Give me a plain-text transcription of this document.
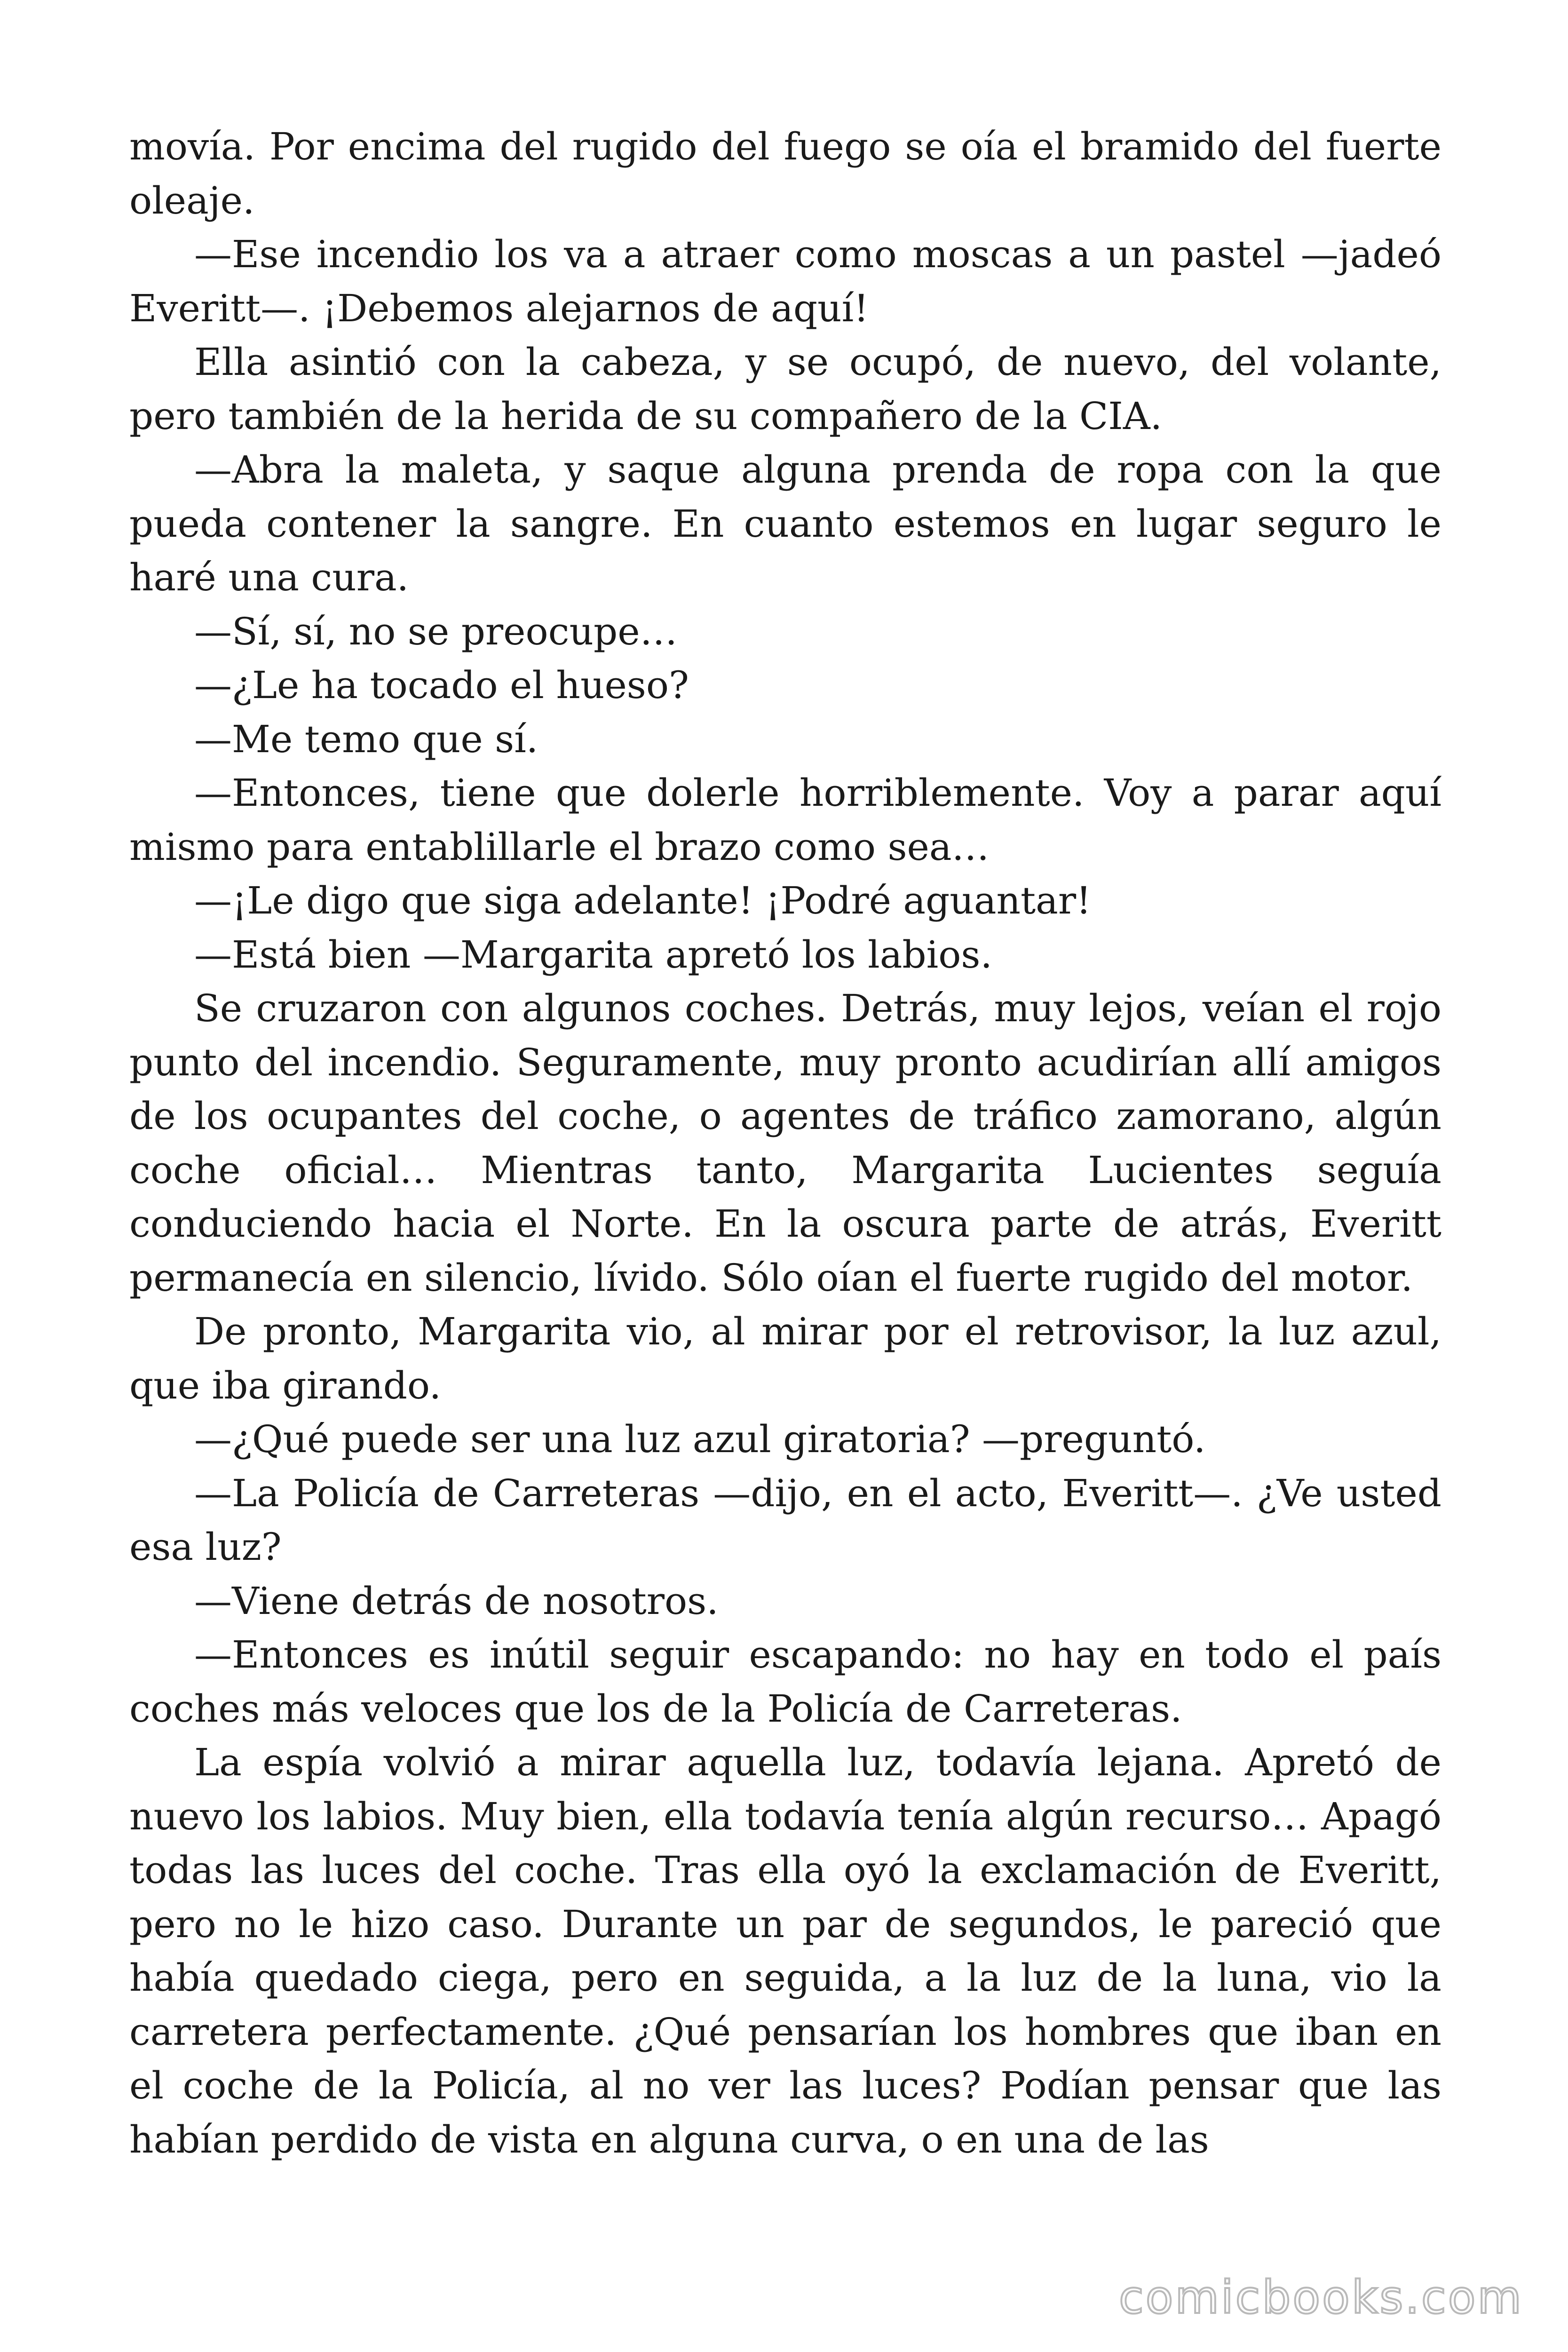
movía. Por encima del rugido del fuego se oía el bramido del fuerte oleaje.

—Ese incendio los va a atraer como moscas a un pastel —jadeó Everitt—. ¡Debemos alejarnos de aquí!

Ella asintió con la cabeza, y se ocupó, de nuevo, del volante, pero también de la herida de su compañero de la CIA.

—Abra la maleta, y saque alguna prenda de ropa con la que pueda contener la sangre. En cuanto estemos en lugar seguro le haré una cura.

—Sí, sí, no se preocupe…

—¿Le ha tocado el hueso?

—Me temo que sí.

—Entonces, tiene que dolerle horriblemente. Voy a parar aquí mismo para entablillarle el brazo como sea…

—¡Le digo que siga adelante! ¡Podré aguantar!

—Está bien —Margarita apretó los labios.

Se cruzaron con algunos coches. Detrás, muy lejos, veían el rojo punto del incendio. Seguramente, muy pronto acudirían allí amigos de los ocupantes del coche, o agentes de tráfico zamorano, algún coche oficial… Mientras tanto, Margarita Lucientes seguía conduciendo hacia el Norte. En la oscura parte de atrás, Everitt permanecía en silencio, lívido. Sólo oían el fuerte rugido del motor.

De pronto, Margarita vio, al mirar por el retrovisor, la luz azul, que iba girando.

—¿Qué puede ser una luz azul giratoria? —preguntó.

—La Policía de Carreteras —dijo, en el acto, Everitt—. ¿Ve usted esa luz?

—Viene detrás de nosotros.

—Entonces es inútil seguir escapando: no hay en todo el país coches más veloces que los de la Policía de Carreteras.

La espía volvió a mirar aquella luz, todavía lejana. Apretó de nuevo los labios. Muy bien, ella todavía tenía algún recurso… Apagó todas las luces del coche. Tras ella oyó la exclamación de Everitt, pero no le hizo caso. Durante un par de segundos, le pareció que había quedado ciega, pero en seguida, a la luz de la luna, vio la carretera perfectamente. ¿Qué pensarían los hombres que iban en el coche de la Policía, al no ver las luces? Podían pensar que las habían perdido de vista en alguna curva, o en una de las

comicbooks.com
